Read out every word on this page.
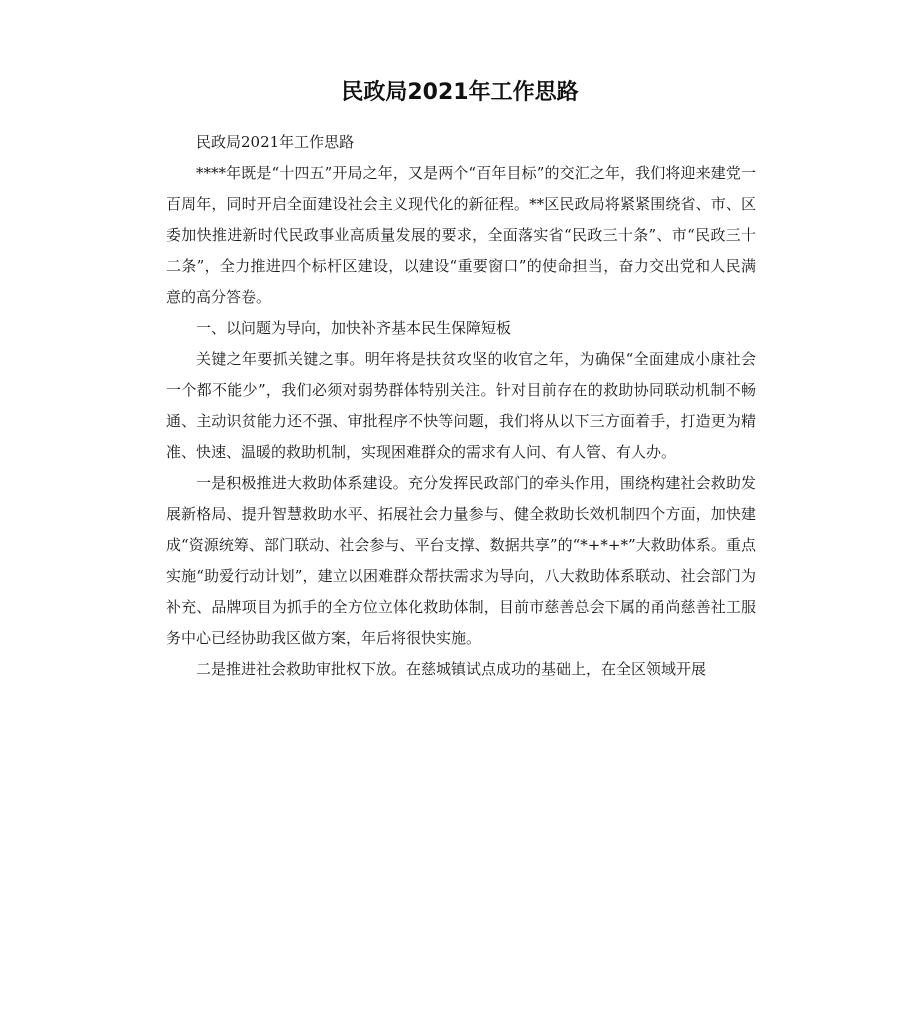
民政局2021年工作思路

民政局2021年工作思路

****年既是“十四五”开局之年，又是两个“百年目标”的交汇之年，我们将迎来建党一百周年，同时开启全面建设社会主义现代化的新征程。**区民政局将紧紧围绕省、市、区委加快推进新时代民政事业高质量发展的要求，全面落实省“民政三十条”、市“民政三十二条”，全力推进四个标杆区建设，以建设“重要窗口”的使命担当，奋力交出党和人民满意的高分答卷。

一、以问题为导向，加快补齐基本民生保障短板

关键之年要抓关键之事。明年将是扶贫攻坚的收官之年，为确保“全面建成小康社会一个都不能少”，我们必须对弱势群体特别关注。针对目前存在的救助协同联动机制不畅通、主动识贫能力还不强、审批程序不快等问题，我们将从以下三方面着手，打造更为精准、快速、温暖的救助机制，实现困难群众的需求有人问、有人管、有人办。

一是积极推进大救助体系建设。充分发挥民政部门的牵头作用，围绕构建社会救助发展新格局、提升智慧救助水平、拓展社会力量参与、健全救助长效机制四个方面，加快建成“资源统筹、部门联动、社会参与、平台支撑、数据共享”的“*+*+*”大救助体系。重点实施“助爱行动计划”，建立以困难群众帮扶需求为导向，八大救助体系联动、社会部门为补充、品牌项目为抓手的全方位立体化救助体制，目前市慈善总会下属的甬尚慈善社工服务中心已经协助我区做方案，年后将很快实施。

二是推进社会救助审批权下放。在慈城镇试点成功的基础上，在全区领域开展
